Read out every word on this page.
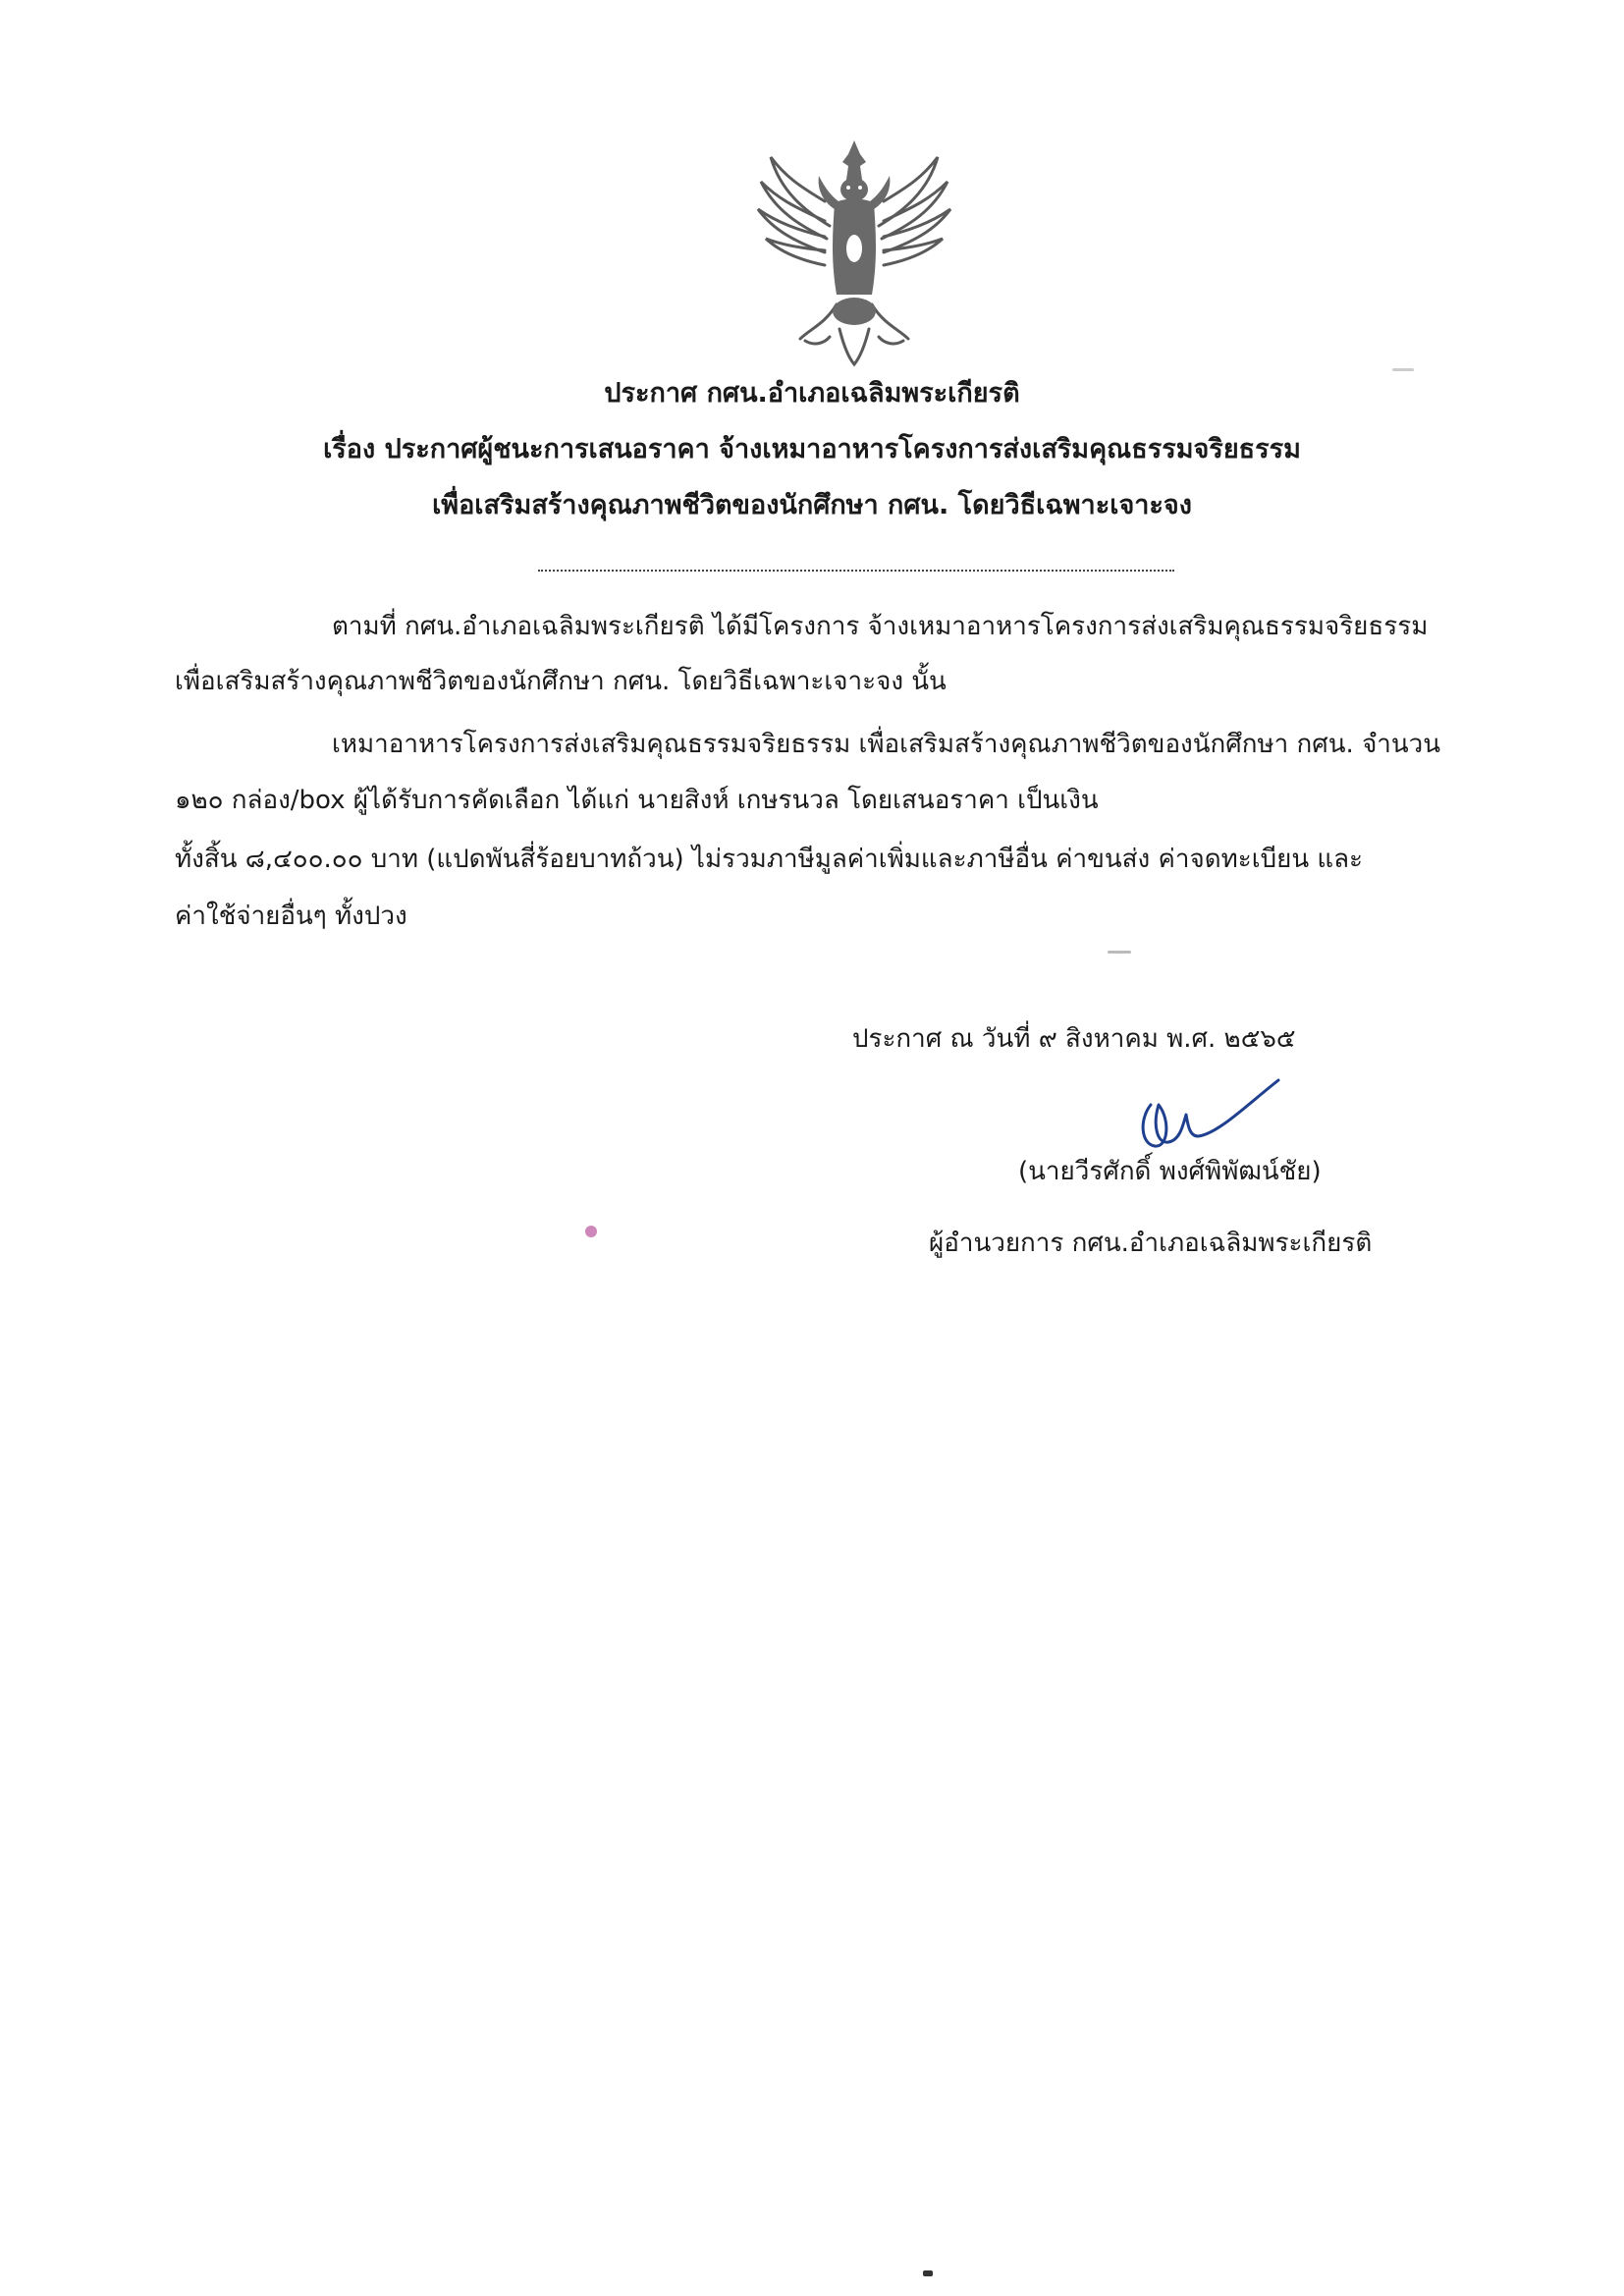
ประกาศ กศน.อำเภอเฉลิมพระเกียรติ
เรื่อง ประกาศผู้ชนะการเสนอราคา จ้างเหมาอาหารโครงการส่งเสริมคุณธรรมจริยธรรม
เพื่อเสริมสร้างคุณภาพชีวิตของนักศึกษา กศน. โดยวิธีเฉพาะเจาะจง
ตามที่ กศน.อำเภอเฉลิมพระเกียรติ ได้มีโครงการ จ้างเหมาอาหารโครงการส่งเสริมคุณธรรมจริยธรรม
เพื่อเสริมสร้างคุณภาพชีวิตของนักศึกษา กศน. โดยวิธีเฉพาะเจาะจง นั้น
เหมาอาหารโครงการส่งเสริมคุณธรรมจริยธรรม เพื่อเสริมสร้างคุณภาพชีวิตของนักศึกษา กศน. จำนวน
๑๒๐ กล่อง/box ผู้ได้รับการคัดเลือก ได้แก่ นายสิงห์ เกษรนวล โดยเสนอราคา เป็นเงิน
ทั้งสิ้น ๘,๔๐๐.๐๐ บาท (แปดพันสี่ร้อยบาทถ้วน) ไม่รวมภาษีมูลค่าเพิ่มและภาษีอื่น ค่าขนส่ง ค่าจดทะเบียน และ
ค่าใช้จ่ายอื่นๆ ทั้งปวง
ประกาศ ณ วันที่ ๙ สิงหาคม พ.ศ. ๒๕๖๕
(นายวีรศักดิ์ พงศ์พิพัฒน์ชัย)
ผู้อำนวยการ กศน.อำเภอเฉลิมพระเกียรติ
